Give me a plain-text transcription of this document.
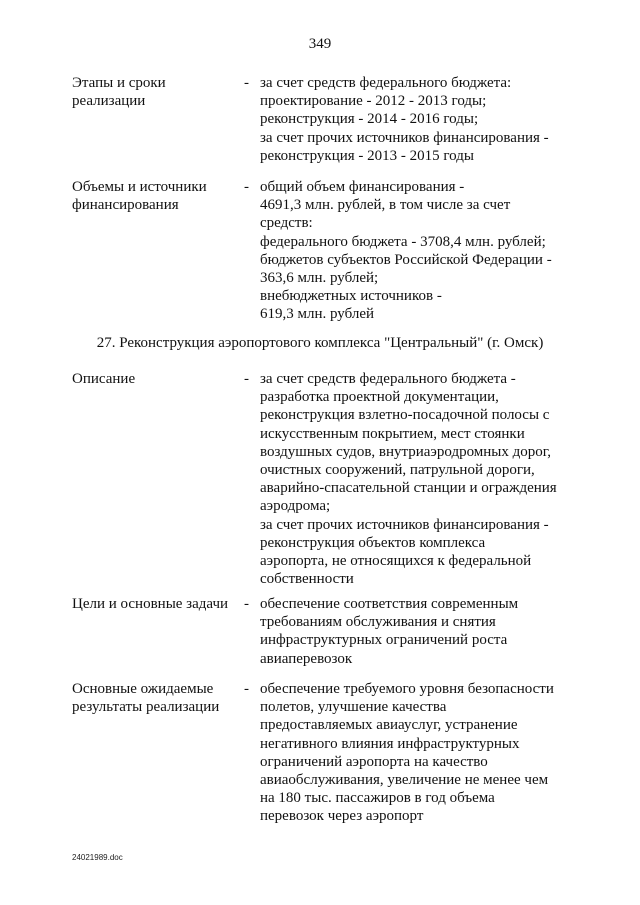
349
Этапы и сроки
реализации
- за счет средств федерального бюджета:
проектирование - 2012 - 2013 годы;
реконструкция - 2014 - 2016 годы;
за счет прочих источников финансирования -
реконструкция - 2013 - 2015 годы
Объемы и источники
финансирования
- общий объем финансирования -
4691,3 млн. рублей, в том числе за счет
средств:
федерального бюджета - 3708,4 млн. рублей;
бюджетов субъектов Российской Федерации -
363,6 млн. рублей;
внебюджетных источников -
619,3 млн. рублей
27. Реконструкция аэропортового комплекса "Центральный" (г. Омск)
Описание	- за счет средств федерального бюджета -
разработка проектной документации,
реконструкция взлетно-посадочной полосы с
искусственным покрытием, мест стоянки
воздушных судов, внутриаэродромных дорог,
очистных сооружений, патрульной дороги,
аварийно-спасательной станции и ограждения
аэродрома;
за счет прочих источников финансирования -
реконструкция объектов комплекса
аэропорта, не относящихся к федеральной
собственности
Цели и основные задачи	- обеспечение соответствия современным
требованиям обслуживания и снятия
инфраструктурных ограничений роста
авиаперевозок
Основные ожидаемые
результаты реализации
- обеспечение требуемого уровня безопасности
полетов, улучшение качества
предоставляемых авиауслуг, устранение
негативного влияния инфраструктурных
ограничений аэропорта на качество
авиаобслуживания, увеличение не менее чем
на 180 тыс. пассажиров в год объема
перевозок через аэропорт
24021989.doc
